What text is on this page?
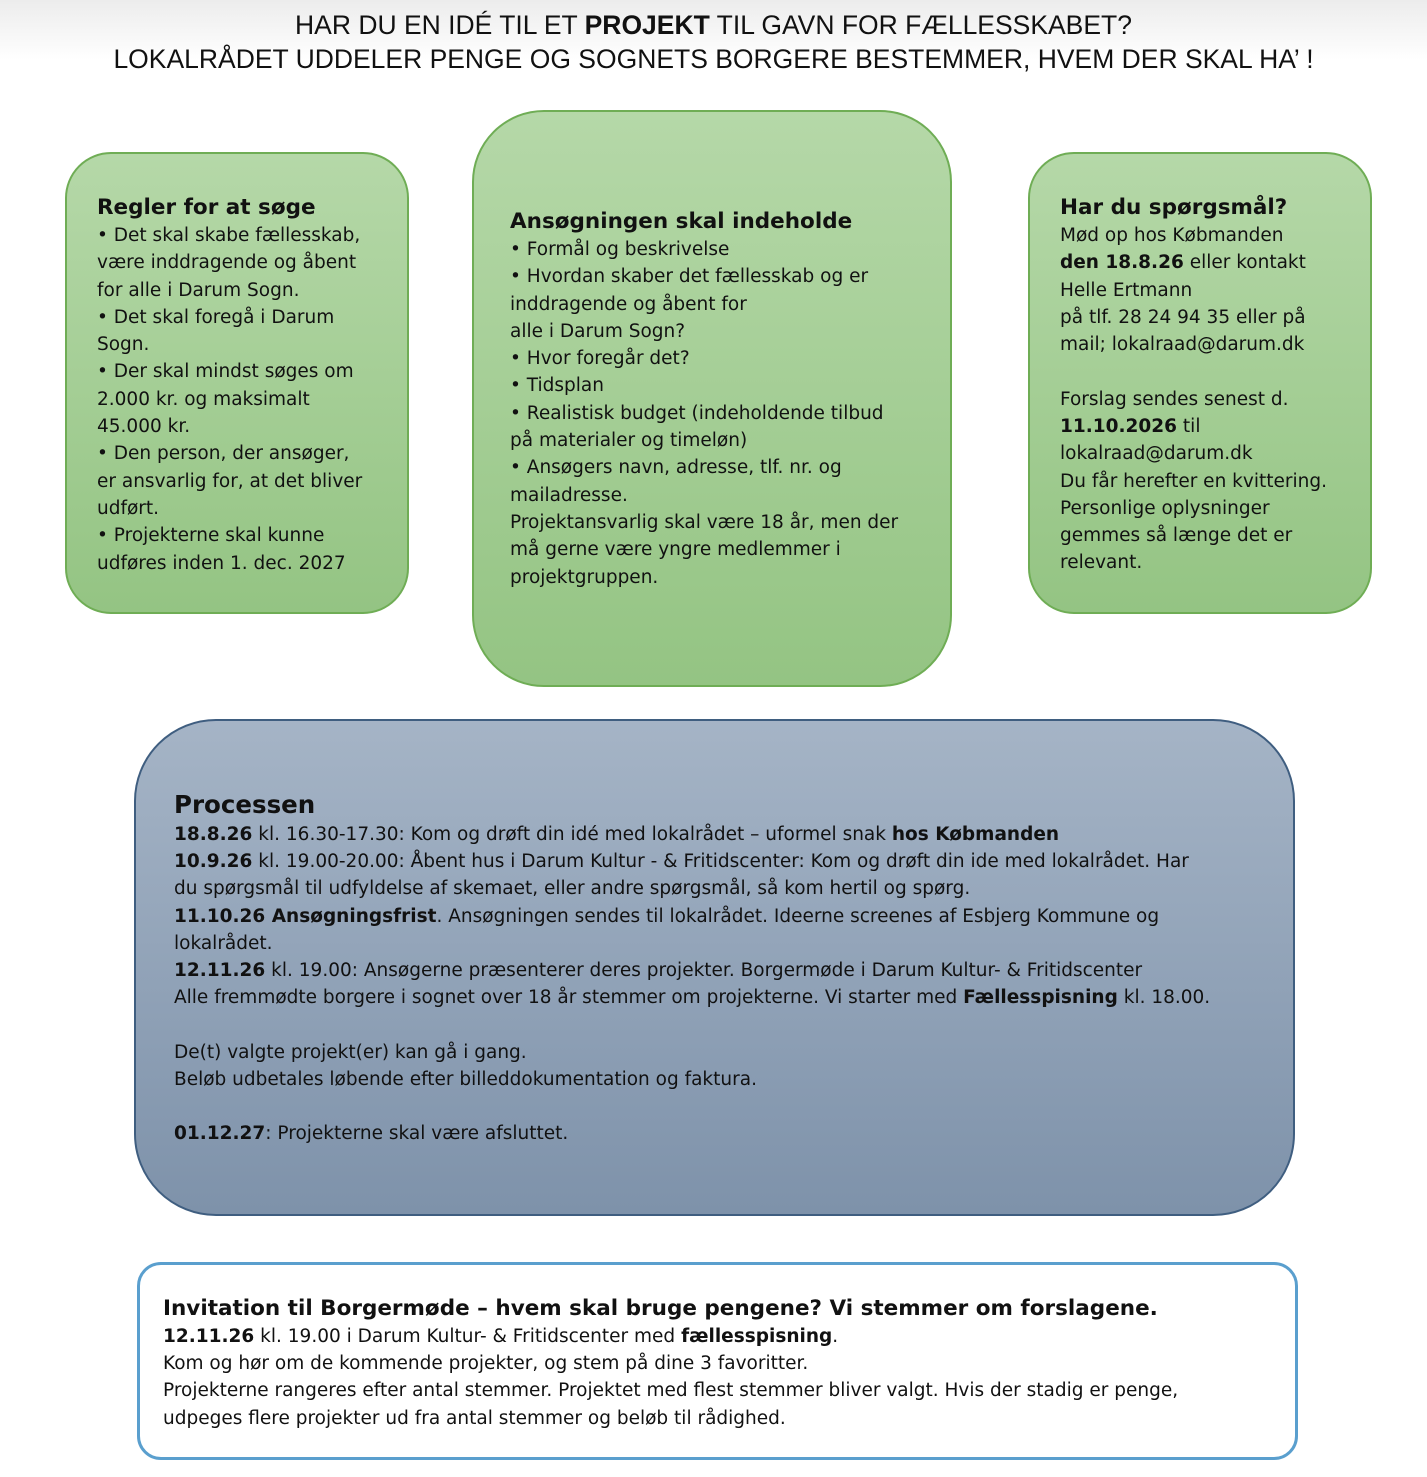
HAR DU EN IDÉ TIL ET PROJEKT TIL GAVN FOR FÆLLESSKABET?
LOKALRÅDET UDDELER PENGE OG SOGNETS BORGERE BESTEMMER, HVEM DER SKAL HA’ !
Regler for at søge
• Det skal skabe fællesskab,
være inddragende og åbent
for alle i Darum Sogn.
• Det skal foregå i Darum
Sogn.
• Der skal mindst søges om
2.000 kr. og maksimalt
45.000 kr.
• Den person, der ansøger,
er ansvarlig for, at det bliver
udført.
• Projekterne skal kunne
udføres inden 1. dec. 2027
Ansøgningen skal indeholde
• Formål og beskrivelse
• Hvordan skaber det fællesskab og er
inddragende og åbent for
alle i Darum Sogn?
• Hvor foregår det?
• Tidsplan
• Realistisk budget (indeholdende tilbud
på materialer og timeløn)
• Ansøgers navn, adresse, tlf. nr. og
mailadresse.
Projektansvarlig skal være 18 år, men der
må gerne være yngre medlemmer i
projektgruppen.
Har du spørgsmål?
Mød op hos Købmanden
den 18.8.26 eller kontakt
Helle Ertmann
på tlf. 28 24 94 35 eller på
mail; lokalraad@darum.dk
Forslag sendes senest d.
11.10.2026 til
lokalraad@darum.dk
Du får herefter en kvittering.
Personlige oplysninger
gemmes så længe det er
relevant.
Processen
18.8.26 kl. 16.30-17.30: Kom og drøft din idé med lokalrådet – uformel snak hos Købmanden
10.9.26 kl. 19.00-20.00: Åbent hus i Darum Kultur - & Fritidscenter: Kom og drøft din ide med lokalrådet. Har
du spørgsmål til udfyldelse af skemaet, eller andre spørgsmål, så kom hertil og spørg.
11.10.26 Ansøgningsfrist. Ansøgningen sendes til lokalrådet. Ideerne screenes af Esbjerg Kommune og
lokalrådet.
12.11.26 kl. 19.00: Ansøgerne præsenterer deres projekter. Borgermøde i Darum Kultur- & Fritidscenter
Alle fremmødte borgere i sognet over 18 år stemmer om projekterne. Vi starter med Fællesspisning kl. 18.00.
De(t) valgte projekt(er) kan gå i gang.
Beløb udbetales løbende efter billeddokumentation og faktura.
01.12.27: Projekterne skal være afsluttet.
Invitation til Borgermøde – hvem skal bruge pengene? Vi stemmer om forslagene.
12.11.26 kl. 19.00 i Darum Kultur- & Fritidscenter med fællesspisning.
Kom og hør om de kommende projekter, og stem på dine 3 favoritter.
Projekterne rangeres efter antal stemmer. Projektet med flest stemmer bliver valgt. Hvis der stadig er penge,
udpeges flere projekter ud fra antal stemmer og beløb til rådighed.
